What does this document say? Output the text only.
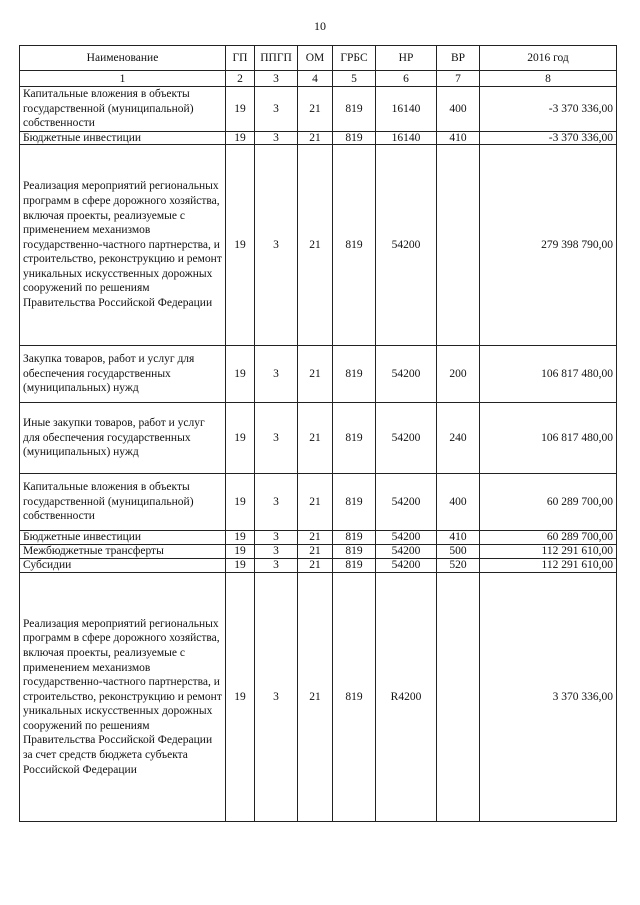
10
Наименование	ГП	ППГП	ОМ	ГРБС	НР	ВР	2016 год
1	2	3	4	5	6	7	8
Капитальные вложения в объекты государственной (муниципальной) собственности	19	3	21	819	16140	400	-3 370 336,00
Бюджетные инвестиции	19	3	21	819	16140	410	-3 370 336,00
Реализация мероприятий региональных программ в сфере дорожного хозяйства, включая проекты, реализуемые с применением механизмов государственно-частного партнерства, и строительство, реконструкцию и ремонт уникальных искусственных дорожных сооружений по решениям Правительства Российской Федерации	19	3	21	819	54200		279 398 790,00
Закупка товаров, работ и услуг для обеспечения государственных (муниципальных) нужд	19	3	21	819	54200	200	106 817 480,00
Иные закупки товаров, работ и услуг для обеспечения государственных (муниципальных) нужд	19	3	21	819	54200	240	106 817 480,00
Капитальные вложения в объекты государственной (муниципальной) собственности	19	3	21	819	54200	400	60 289 700,00
Бюджетные инвестиции	19	3	21	819	54200	410	60 289 700,00
Межбюджетные трансферты	19	3	21	819	54200	500	112 291 610,00
Субсидии	19	3	21	819	54200	520	112 291 610,00
Реализация мероприятий региональных программ в сфере дорожного хозяйства, включая проекты, реализуемые с применением механизмов государственно-частного партнерства, и строительство, реконструкцию и ремонт уникальных искусственных дорожных сооружений по решениям Правительства Российской Федерации за счет средств бюджета субъекта Российской Федерации	19	3	21	819	R4200		3 370 336,00
